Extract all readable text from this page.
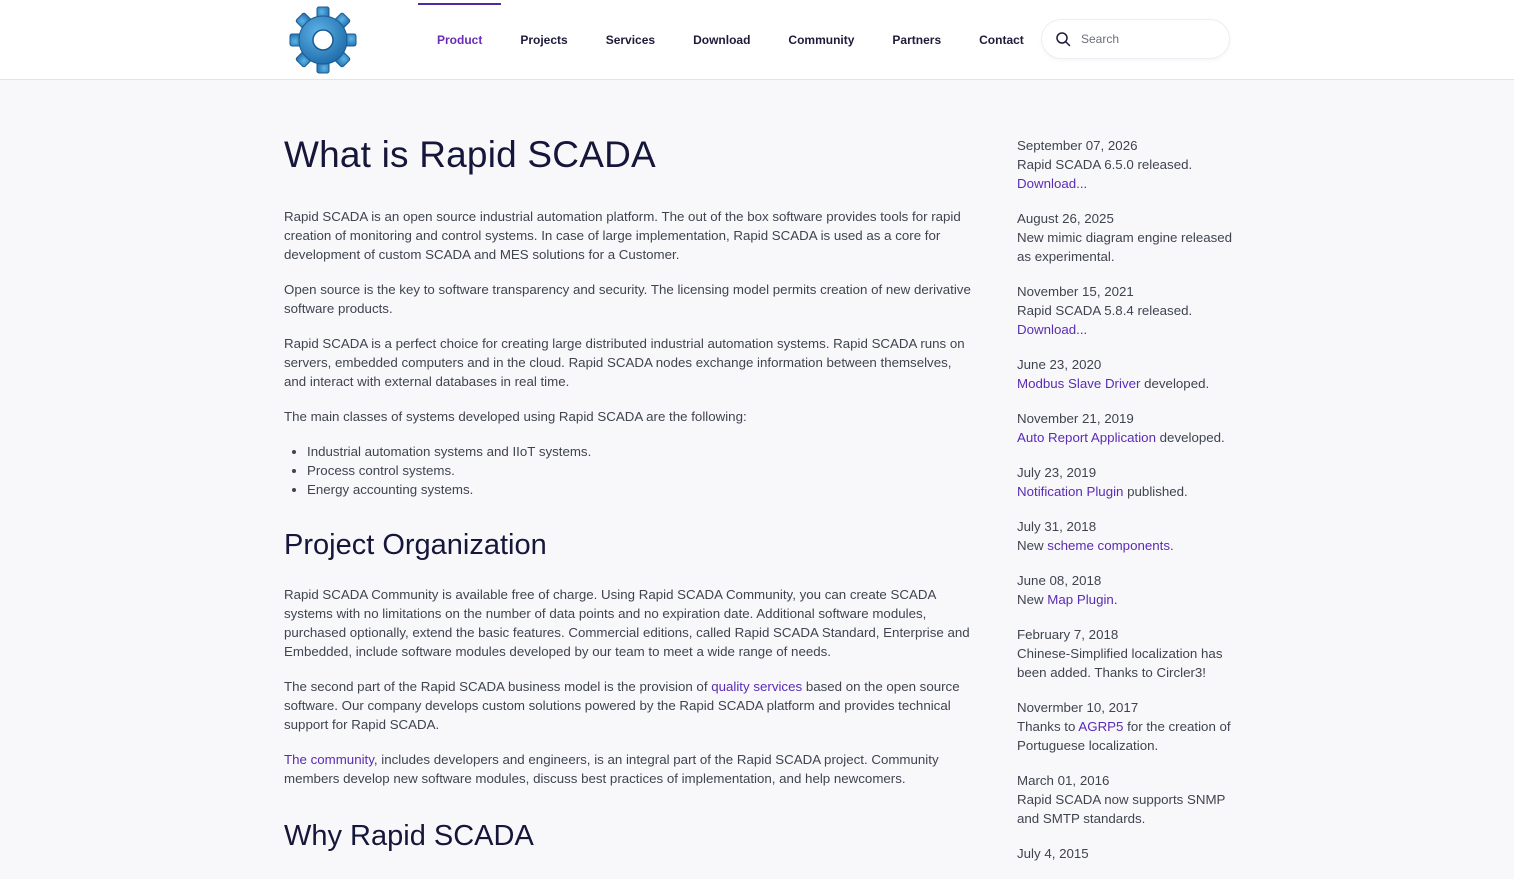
Product	Projects	Services	Download	Community	Partners	Contact
Search
What is Rapid SCADA

Rapid SCADA is an open source industrial automation platform. The out of the box software provides tools for rapid creation of monitoring and control systems. In case of large implementation, Rapid SCADA is used as a core for development of custom SCADA and MES solutions for a Customer.

Open source is the key to software transparency and security. The licensing model permits creation of new derivative software products.

Rapid SCADA is a perfect choice for creating large distributed industrial automation systems. Rapid SCADA runs on servers, embedded computers and in the cloud. Rapid SCADA nodes exchange information between themselves, and interact with external databases in real time.

The main classes of systems developed using Rapid SCADA are the following:

• Industrial automation systems and IIoT systems.
• Process control systems.
• Energy accounting systems.
Project Organization

Rapid SCADA Community is available free of charge. Using Rapid SCADA Community, you can create SCADA systems with no limitations on the number of data points and no expiration date. Additional software modules, purchased optionally, extend the basic features. Commercial editions, called Rapid SCADA Standard, Enterprise and Embedded, include software modules developed by our team to meet a wide range of needs.

The second part of the Rapid SCADA business model is the provision of quality services based on the open source software. Our company develops custom solutions powered by the Rapid SCADA platform and provides technical support for Rapid SCADA.

The community, includes developers and engineers, is an integral part of the Rapid SCADA project. Community members develop new software modules, discuss best practices of implementation, and help newcomers.

Why Rapid SCADA
September 07, 2026
Rapid SCADA 6.5.0 released.
Download...
August 26, 2025
New mimic diagram engine released as experimental.
November 15, 2021
Rapid SCADA 5.8.4 released.
Download...
June 23, 2020
Modbus Slave Driver developed.
November 21, 2019
Auto Report Application developed.
July 23, 2019
Notification Plugin published.
July 31, 2018
New scheme components.
June 08, 2018
New Map Plugin.
February 7, 2018
Chinese-Simplified localization has been added. Thanks to Circler3!
Novermber 10, 2017
Thanks to AGRP5 for the creation of Portuguese localization.
March 01, 2016
Rapid SCADA now supports SNMP and SMTP standards.
July 4, 2015
